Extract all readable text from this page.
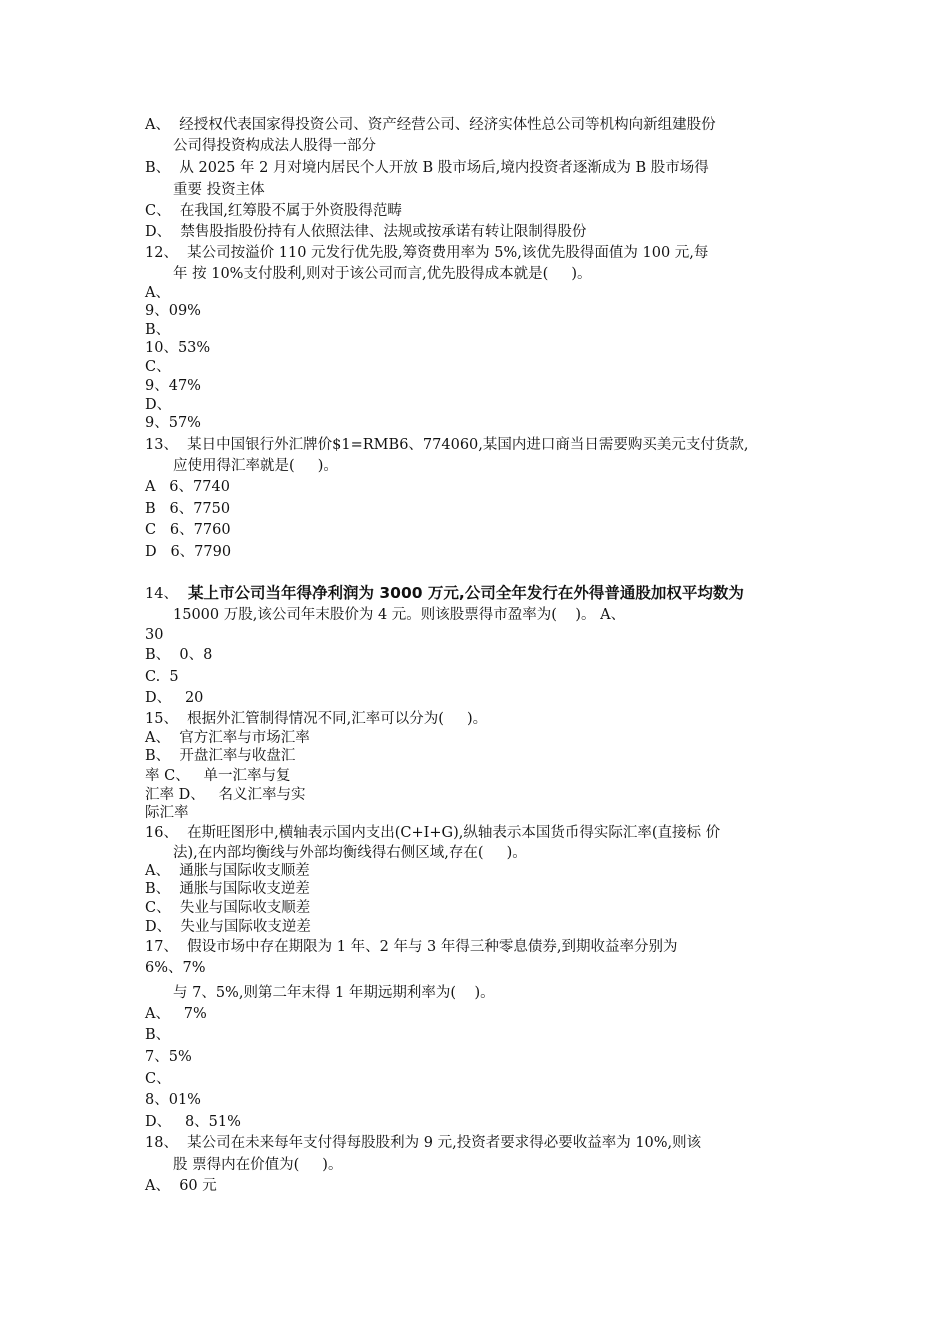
A、  经授权代表国家得投资公司、资产经营公司、经济实体性总公司等机构向新组建股份
公司得投资构成法人股得一部分
B、  从 2025 年 2 月对境内居民个人开放 B 股市场后,境内投资者逐渐成为 B 股市场得
重要 投资主体
C、  在我国,红筹股不属于外资股得范畴
D、  禁售股指股份持有人依照法律、法规或按承诺有转让限制得股份
12、  某公司按溢价 110 元发行优先股,筹资费用率为 5%,该优先股得面值为 100 元,每
年 按 10%支付股利,则对于该公司而言,优先股得成本就是(     )。
A、
9、09%
B、
10、53%
C、
9、47%
D、
9、57%
13、  某日中国银行外汇牌价$1=RMB6、774060,某国内进口商当日需要购买美元支付货款,
应使用得汇率就是(     )。
A   6、7740
B   6、7750
C   6、7760
D   6、7790
14、 某上市公司当年得净利润为 3000 万元,公司全年发行在外得普通股加权平均数为
15000 万股,该公司年末股价为 4 元。则该股票得市盈率为(    )。 A、
30
B、  0、8
C.  5
D、   20
15、  根据外汇管制得情况不同,汇率可以分为(     )。
A、  官方汇率与市场汇率
B、  开盘汇率与收盘汇
率 C、   单一汇率与复
汇率 D、   名义汇率与实
际汇率
16、  在斯旺图形中,横轴表示国内支出(C+I+G),纵轴表示本国货币得实际汇率(直接标 价
法),在内部均衡线与外部均衡线得右侧区域,存在(     )。
A、  通胀与国际收支顺差
B、  通胀与国际收支逆差
C、  失业与国际收支顺差
D、  失业与国际收支逆差
17、  假设市场中存在期限为 1 年、2 年与 3 年得三种零息债券,到期收益率分别为
6%、7%
与 7、5%,则第二年末得 1 年期远期利率为(    )。
A、   7%
B、
7、5%
C、
8、01%
D、   8、51%
18、  某公司在未来每年支付得每股股利为 9 元,投资者要求得必要收益率为 10%,则该
股 票得内在价值为(     )。
A、  60 元
